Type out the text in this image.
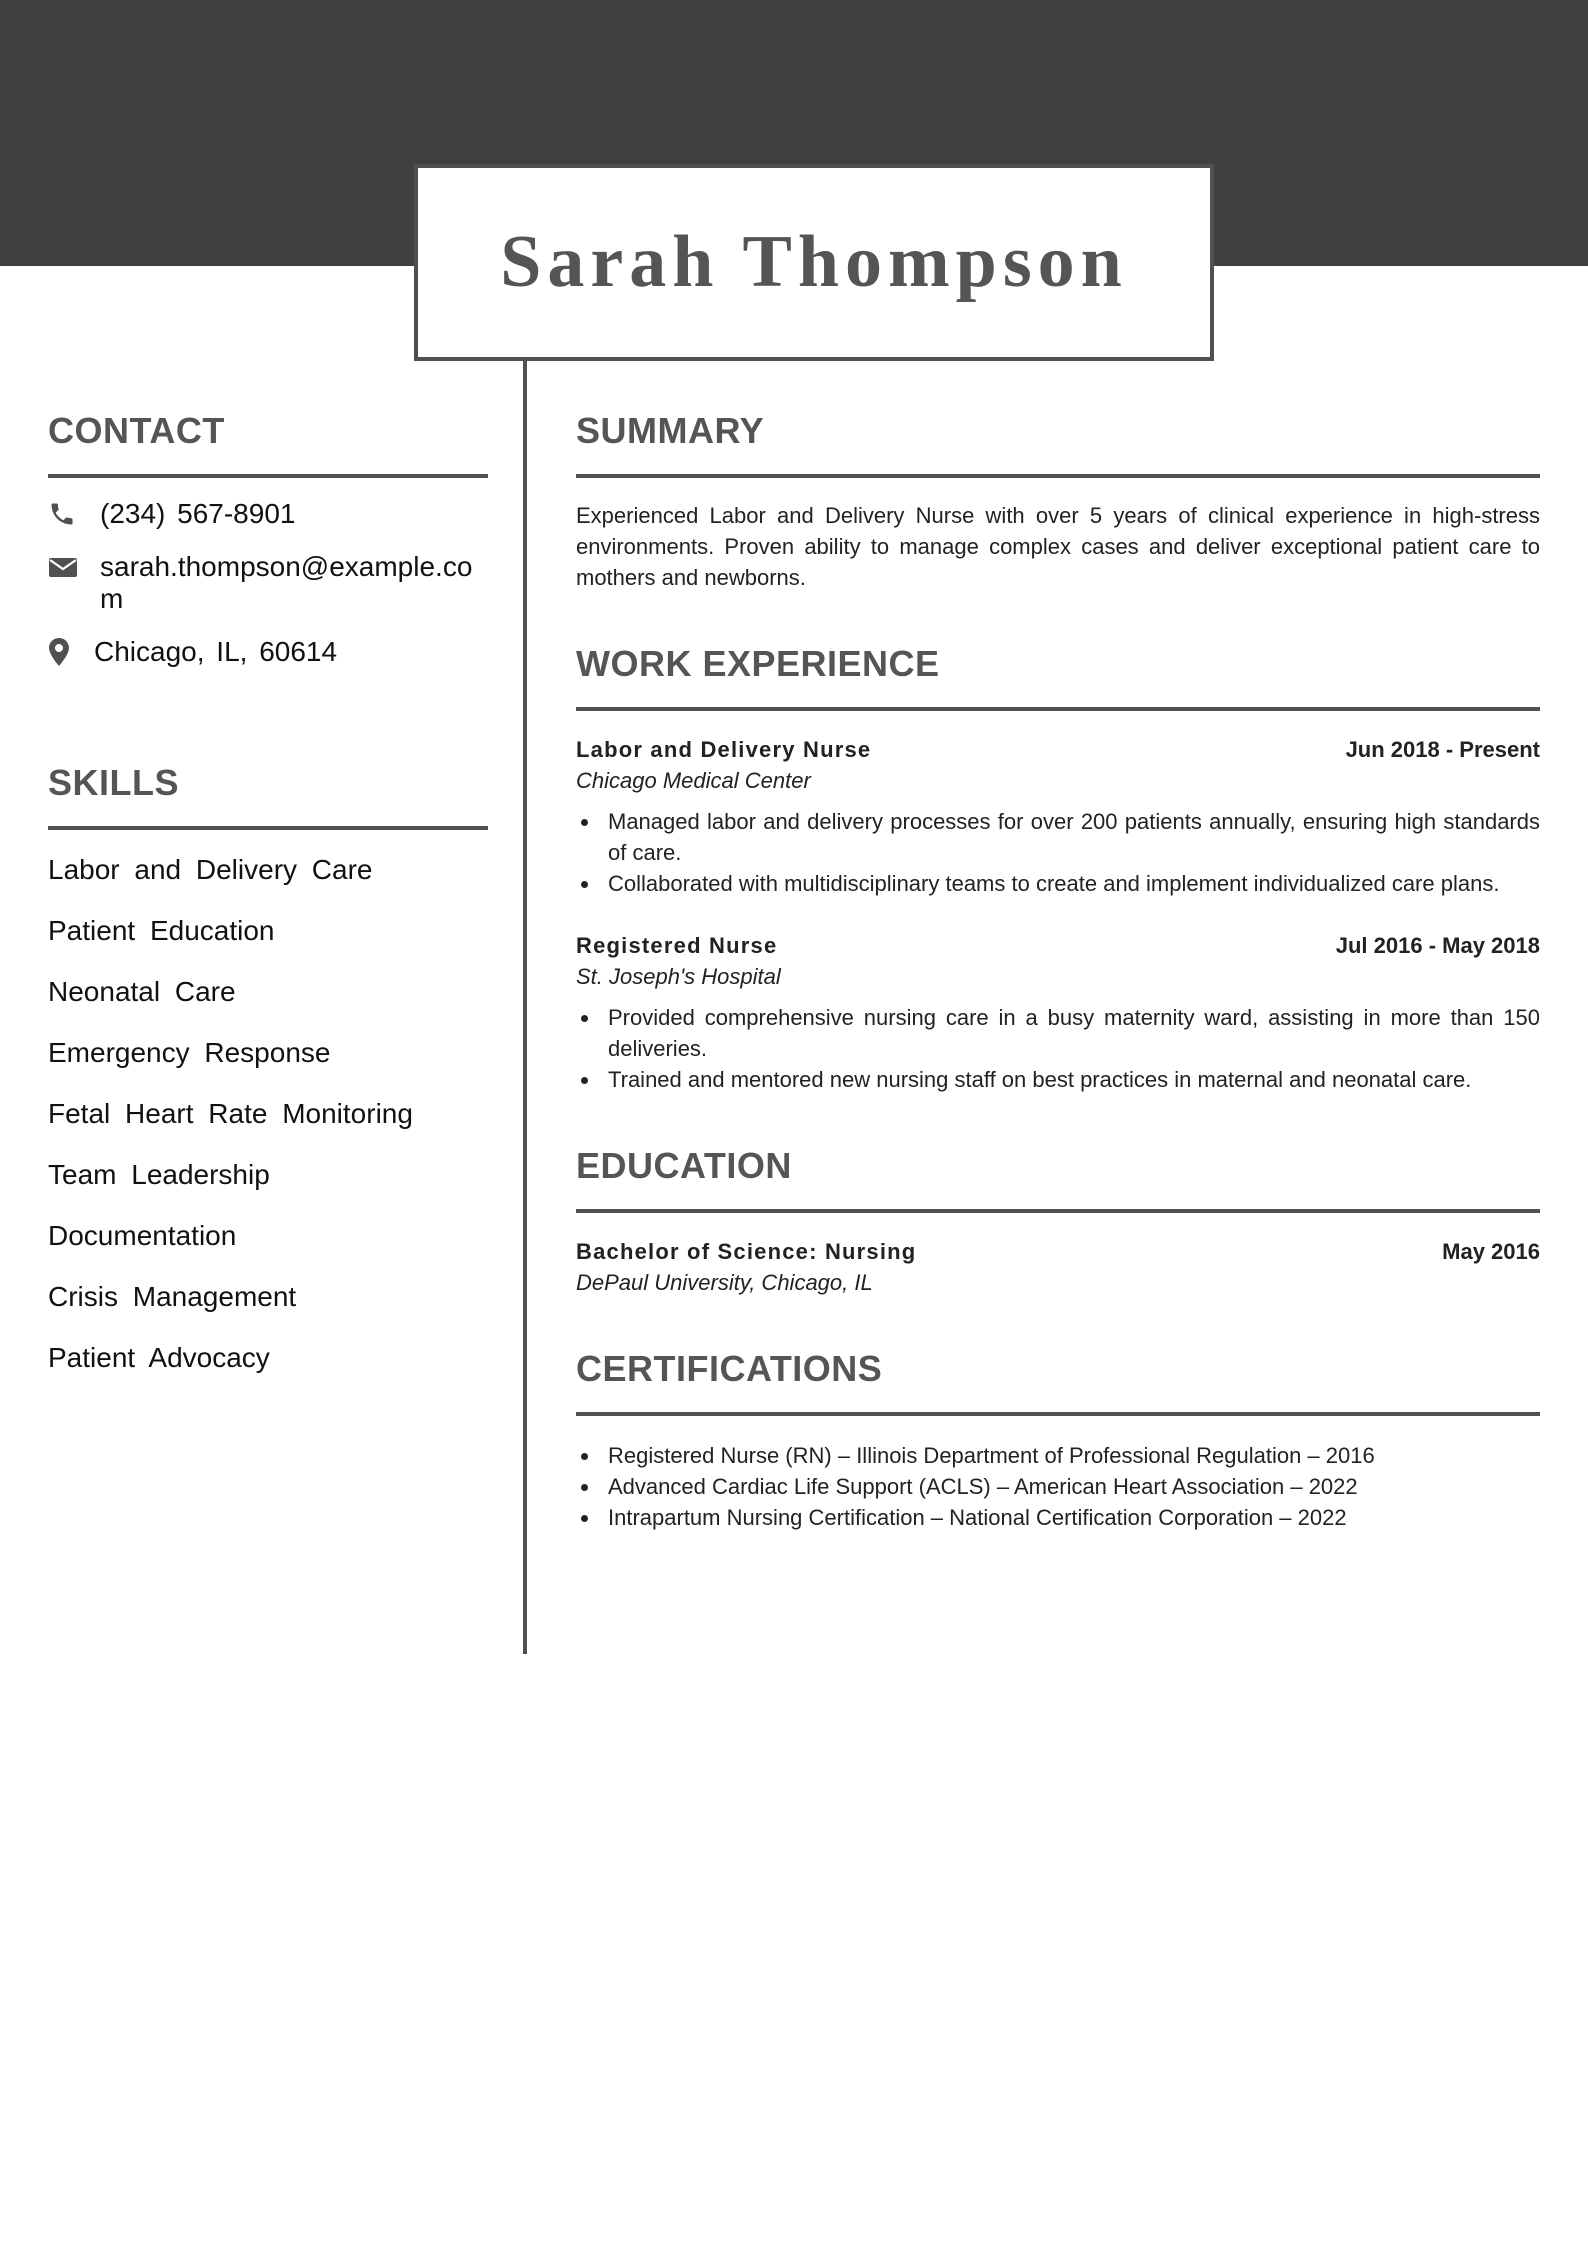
Sarah Thompson
CONTACT
(234) 567-8901
sarah.thompson@example.com
Chicago, IL, 60614
SKILLS
Labor and Delivery Care
Patient Education
Neonatal Care
Emergency Response
Fetal Heart Rate Monitoring
Team Leadership
Documentation
Crisis Management
Patient Advocacy
SUMMARY

Experienced Labor and Delivery Nurse with over 5 years of clinical experience in high-stress environments. Proven ability to manage complex cases and deliver exceptional patient care to mothers and newborns.

WORK EXPERIENCE
Labor and Delivery Nurse	Jun 2018 - Present
Chicago Medical Center
Managed labor and delivery processes for over 200 patients annually, ensuring high standards of care.
Collaborated with multidisciplinary teams to create and implement individualized care plans.
Registered Nurse	Jul 2016 - May 2018
St. Joseph's Hospital
Provided comprehensive nursing care in a busy maternity ward, assisting in more than 150 deliveries.
Trained and mentored new nursing staff on best practices in maternal and neonatal care.
EDUCATION
Bachelor of Science: Nursing	May 2016
DePaul University, Chicago, IL
CERTIFICATIONS
Registered Nurse (RN) – Illinois Department of Professional Regulation – 2016
Advanced Cardiac Life Support (ACLS) – American Heart Association – 2022
Intrapartum Nursing Certification – National Certification Corporation – 2022
